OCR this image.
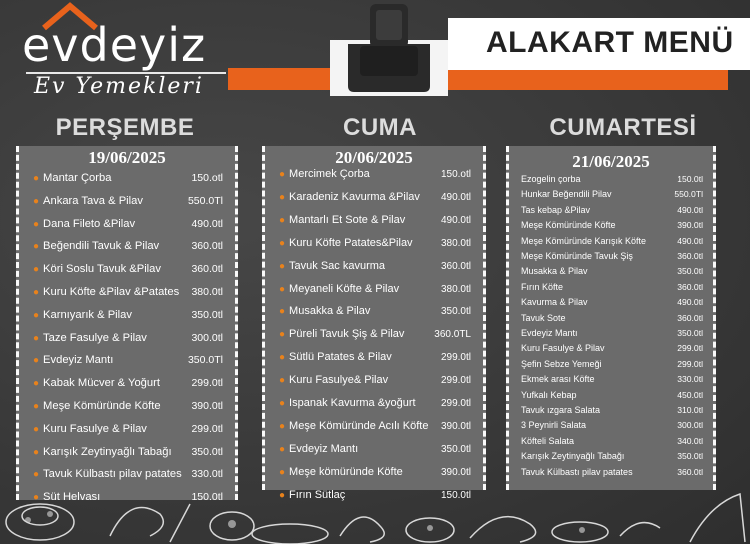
evdeyiz
Ev Yemekleri
ALAKART MENÜ
PERŞEMBE	CUMA	CUMARTESİ
19/06/2025
● Mantar Çorba	150.otl
● Ankara Tava & Pilav	550.0Tl
● Dana Fileto &Pilav	490.0tl
● Beğendili Tavuk & Pilav	360.0tl
● Köri Soslu Tavuk &Pilav	360.0tl
● Kuru Köfte &Pilav &Patates 380.0tl
● Karnıyarık & Pilav	350.0tl
● Taze Fasulye & Pilav	300.0tl
● Evdeyiz Mantı	350.0Tl
● Kabak Mücver & Yoğurt	299.0tl
● Meşe Kömüründe Köfte	390.0tl
● Kuru Fasulye & Pilav	299.0tl
● Karışık Zeytinyağlı Tabağı 350.0tl
● Tavuk Külbastı pilav patates 330.0tl
● Süt Helvası	150.0tl
20/06/2025
● Mercimek Çorba	150.otl
● Karadeniz Kavurma &Pilav 490.0tl
● Mantarlı Et Sote & Pilav	490.0tl
● Kuru Köfte Patates&Pilav	380.0tl
● Tavuk Sac kavurma	360.0tl
● Meyaneli Köfte & Pilav	380.0tl
● Musakka & Pilav	350.0tl
● Püreli Tavuk Şiş & Pilav	360.0TL
● Sütlü Patates & Pilav	299.0tl
● Kuru Fasulye& Pilav	299.0tl
● Ispanak Kavurma &yoğurt	299.0tl
● Meşe Kömüründe Acılı Köfte 390.0tl
● Evdeyiz Mantı	350.0tl
● Meşe kömüründe Köfte	390.0tl
● Fırın Sütlaç	150.0tl
21/06/2025
Ezogelin çorba	150.0tl
Hunkar Beğendili Pilav	550.0Tl
Tas kebap &Pilav	490.0tl
Meşe Kömüründe Köfte	390.0tl
Meşe Kömüründe Karışık Köfte	490.0tl
Meşe Kömüründe Tavuk Şiş	360.0tl
Musakka & Pilav	350.0tl
Fırın Köfte	360.0tl
Kavurma & Pilav	490.0tl
Tavuk Sote	360.0tl
Evdeyiz Mantı	350.0tl
Kuru Fasulye & Pilav	299.0tl
Şefin Sebze Yemeği	299.0tl
Ekmek arası Köfte	330.0tl
Yufkalı Kebap	450.0tl
Tavuk ızgara Salata	310.0tl
3 Peynirli Salata	300.0tl
Köfteli Salata	340.0tl
Karışık Zeytinyağlı Tabağı	350.0tl
Tavuk Külbastı pilav patates	360.0tl
